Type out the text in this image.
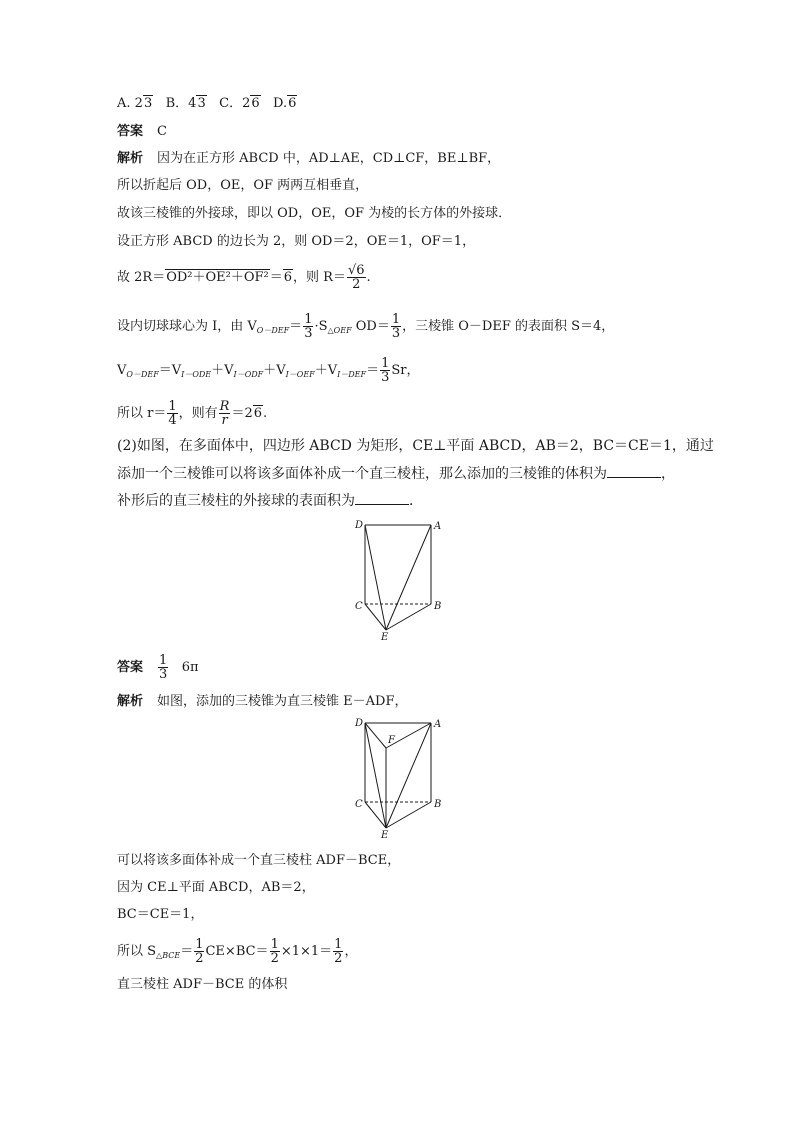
A. 23 B．43 C．26 D.6
答案 C
解析 因为在正方形 ABCD 中，AD⊥AE，CD⊥CF，BE⊥BF，
所以折起后 OD，OE，OF 两两互相垂直，
故该三棱锥的外接球，即以 OD，OE，OF 为棱的长方体的外接球．
设正方形 ABCD 的边长为 2，则 OD＝2，OE＝1，OF＝1，
故 2R＝OD²＋OE²＋OF²＝6，则 $R= \frac{√6}{2}$ .
设内切球球心为 I，由 $V_{O-DEF}= \frac{1}{3} \cdot S_{\triangle OEF}$ $OD= \frac{1}{3}$ ，三棱锥 O－DEF 的表面积 S＝4，
$V_{O-DEF}=V_{I-ODE}+V_{I-ODF}+V_{I-OEF}+V_{I-DEF}= \frac{1}{3}$ Sr，
所以 $r= \frac{1}{4}$ ，则有 $\frac{R}{r} =26$.
(2)如图，在多面体中，四边形 ABCD 为矩形，CE⊥平面 ABCD，AB＝2，BC＝CE＝1，通过
添加一个三棱锥可以将该多面体补成一个直三棱柱，那么添加的三棱锥的体积为	，
补形后的直三棱柱的外接球的表面积为	．
D	A
C	B
E
答案 $\frac{1}{3} 6\pi$
解析 如图，添加的三棱锥为直三棱锥 E－ADF，
D
F
A
C	B
E
可以将该多面体补成一个直三棱柱 ADF－BCE，
因为 CE⊥平面 ABCD，AB＝2，
BC＝CE＝1，
所以 $S_{\triangle BCE}= \frac{1}{2} CE\times BC= \frac{1}{2} \times 1\times 1= \frac{1}{2}$ ，
直三棱柱 ADF－BCE 的体积
